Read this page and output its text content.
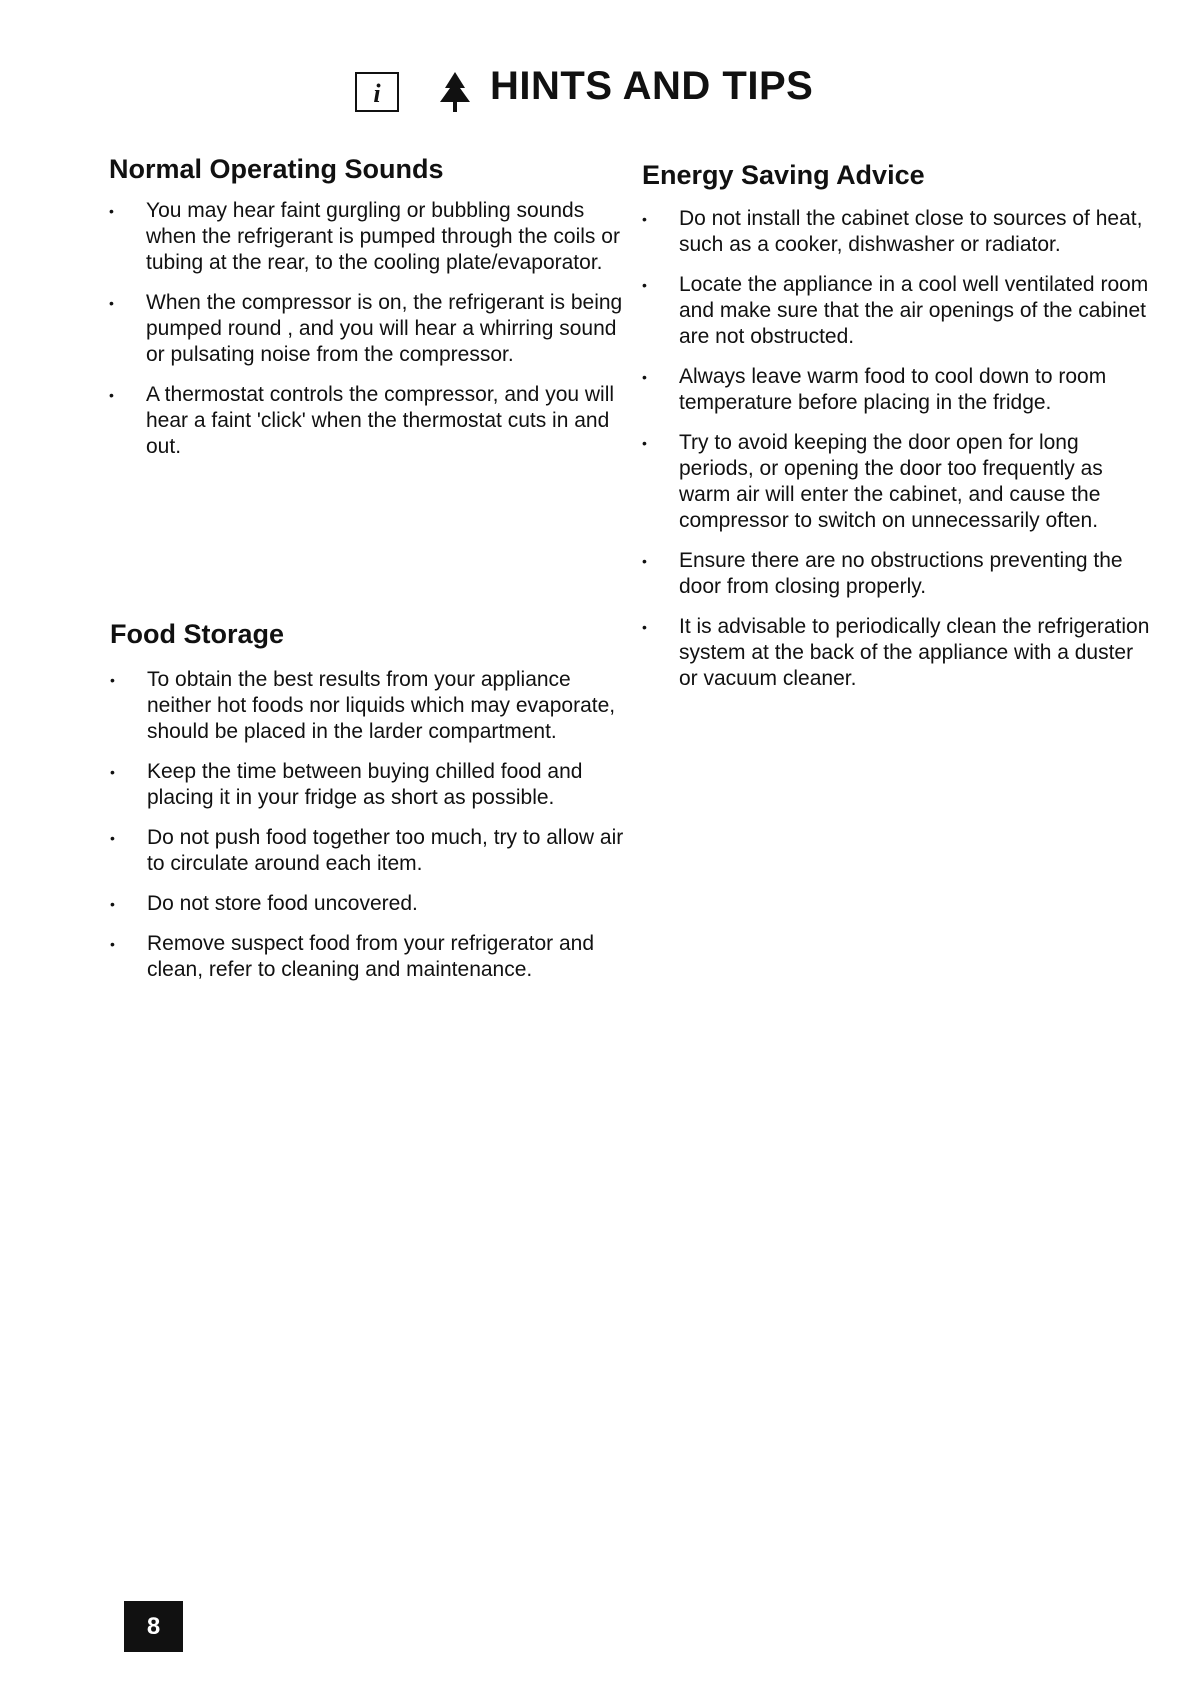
i	HINTS AND TIPS
Normal Operating Sounds
• You may hear faint gurgling or bubbling sounds when the refrigerant is pumped through the coils or tubing at the rear, to the cooling plate/evaporator.
• When the compressor is on, the refrigerant is being pumped round , and you will hear a whirring sound or pulsating noise from the compressor.
• A thermostat controls the compressor, and you will hear a faint 'click' when the thermostat cuts in and out.
Food Storage
• To obtain the best results from your appliance neither hot foods nor liquids which may evaporate, should be placed in the larder compartment.
• Keep the time between buying chilled food and placing it in your fridge as short as possible.
• Do not push food together too much, try to allow air to circulate around each item.
• Do not store food uncovered.
• Remove suspect food from your refrigerator and clean, refer to cleaning and maintenance.
Energy Saving Advice
• Do not install the cabinet close to sources of heat, such as a cooker, dishwasher or radiator.
• Locate the appliance in a cool well ventilated room and make sure that the air openings of the cabinet are not obstructed.
• Always leave warm food to cool down to room temperature before placing in the fridge.
• Try to avoid keeping the door open for long periods, or opening the door too frequently as warm air will enter the cabinet, and cause the compressor to switch on unnecessarily often.
• Ensure there are no obstructions preventing the door from closing properly.
• It is advisable to periodically clean the refrigeration system at the back of the appliance with a duster or vacuum cleaner.
8
